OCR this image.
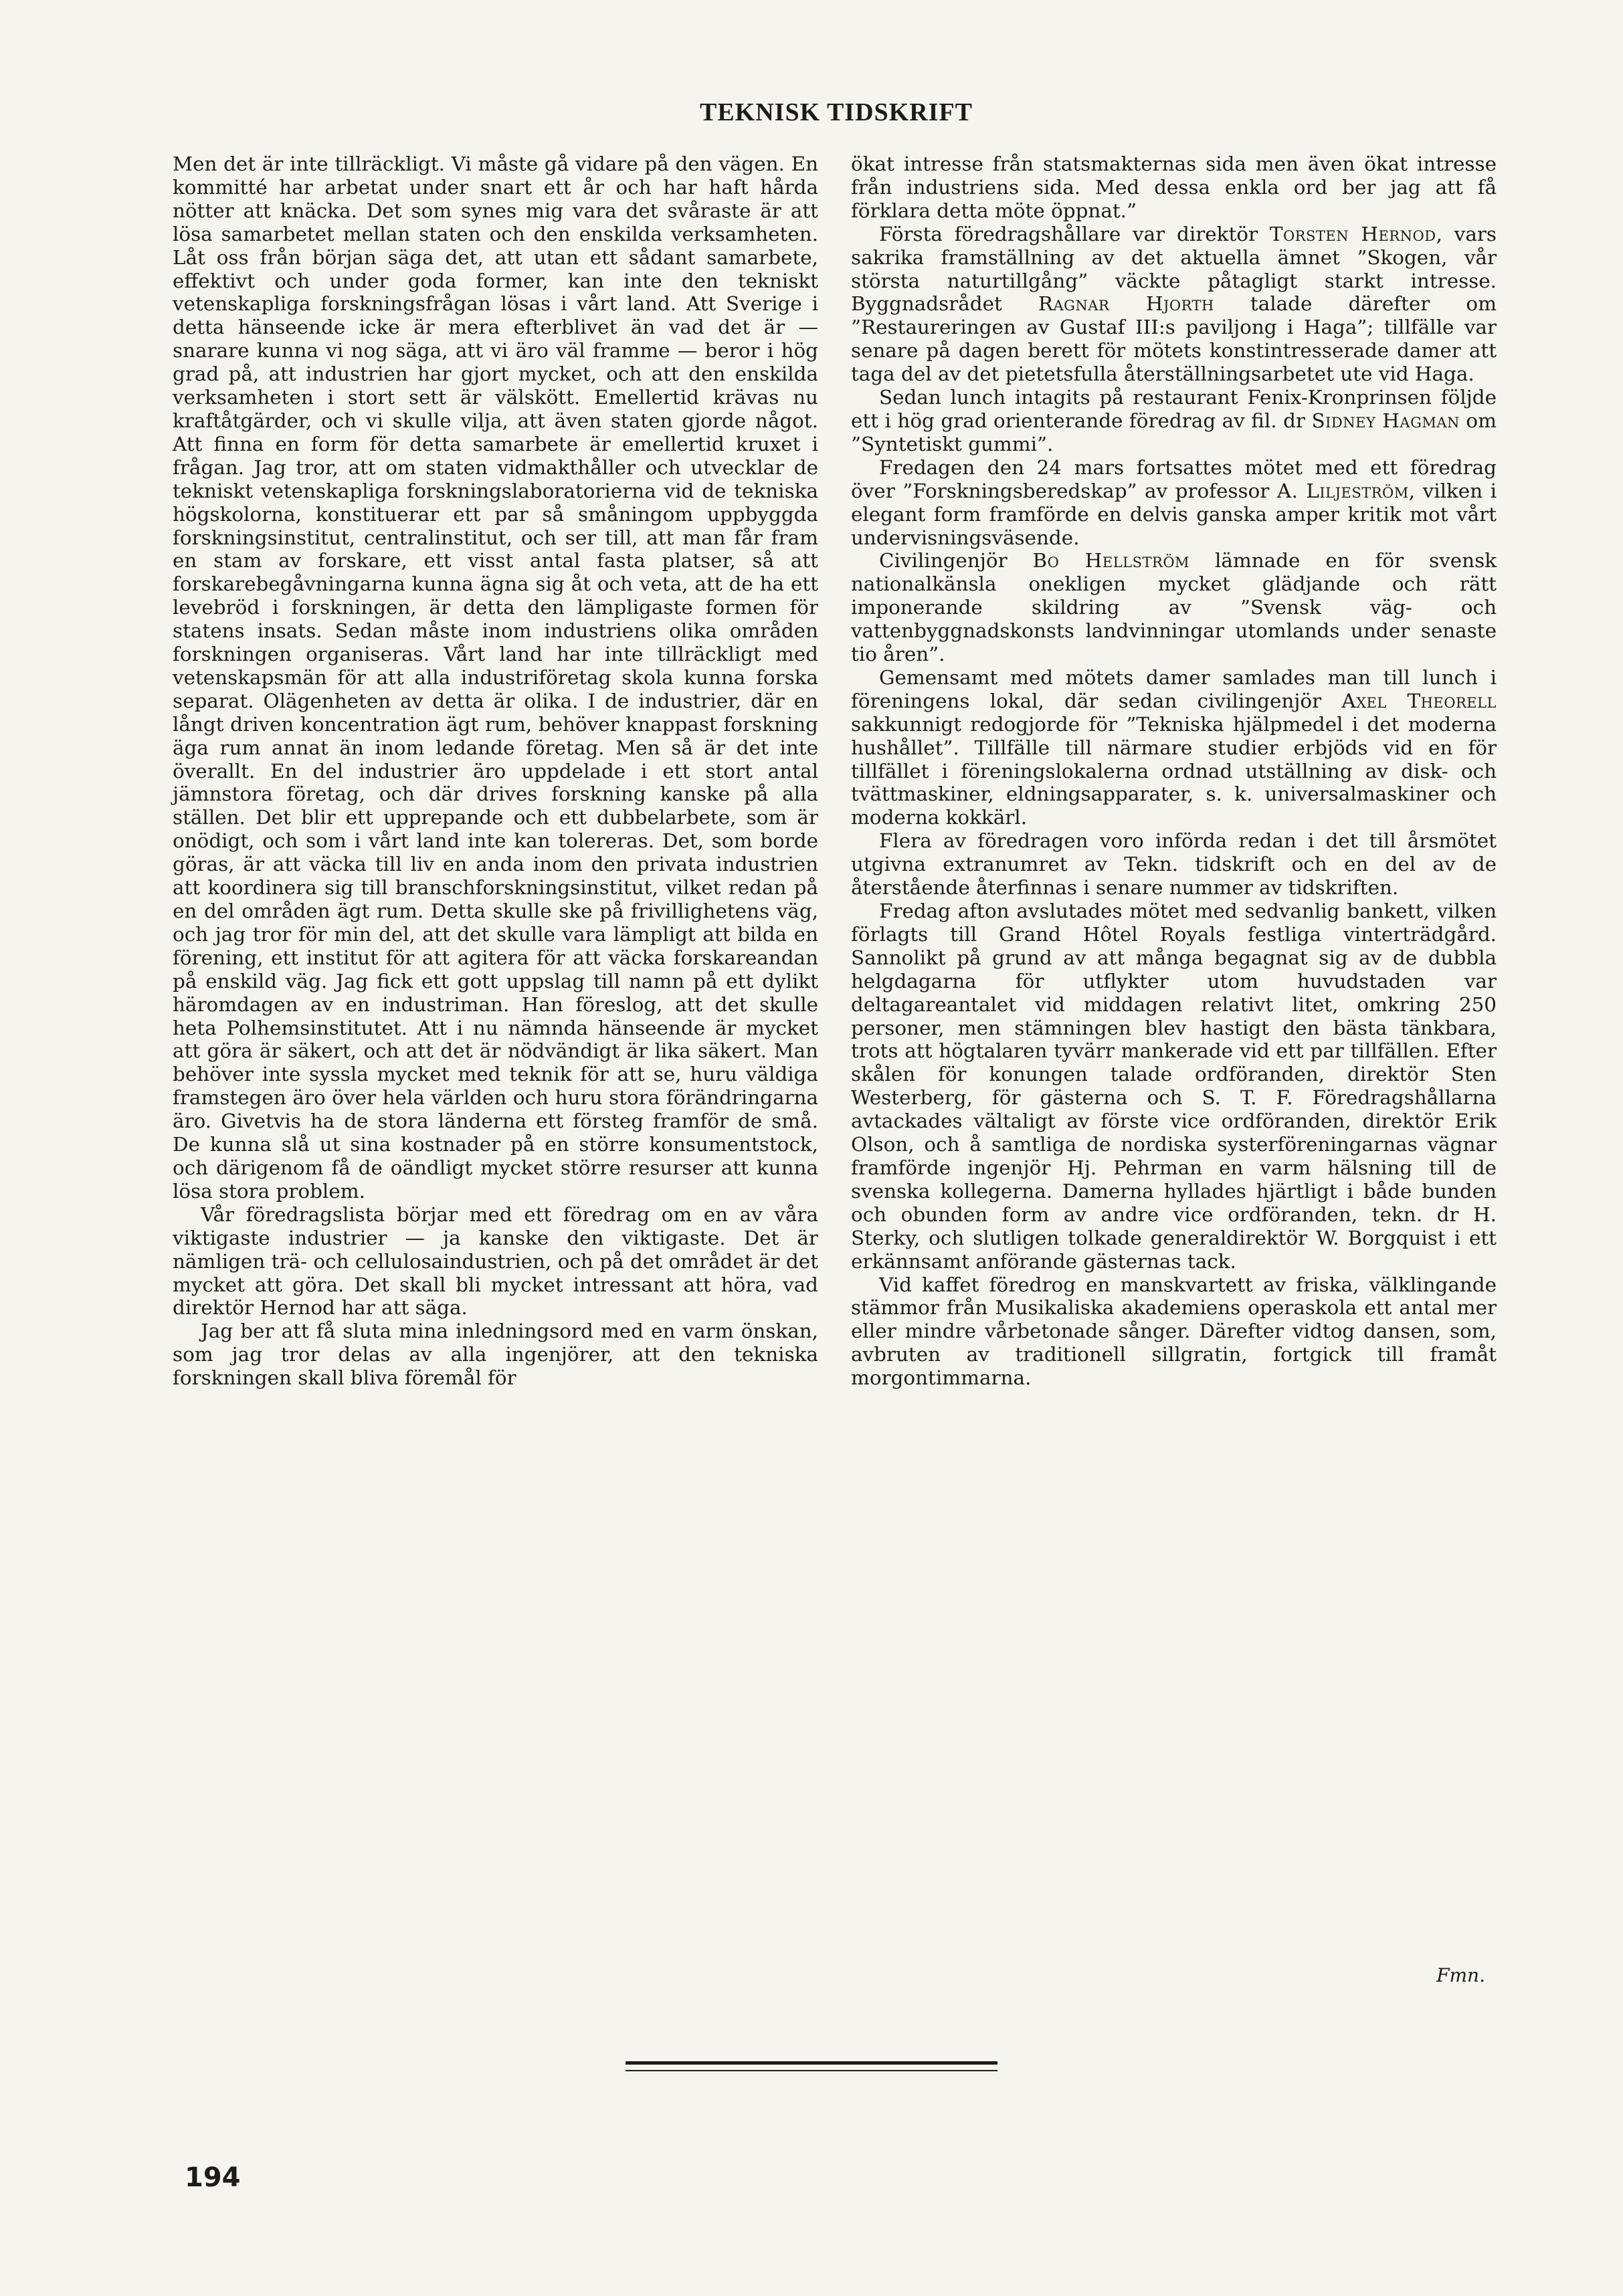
TEKNISK TIDSKRIFT

Men det är inte tillräckligt. Vi måste gå vidare på den vägen. En kommitté har arbetat under snart ett år och har haft hårda nötter att knäcka. Det som synes mig vara det svåraste är att lösa samarbetet mellan staten och den enskilda verksamheten. Låt oss från början säga det, att utan ett sådant samarbete, effektivt och under goda former, kan inte den tekniskt vetenskapliga forskningsfrågan lösas i vårt land. Att Sverige i detta hänseende icke är mera efterblivet än vad det är — snarare kunna vi nog säga, att vi äro väl framme — beror i hög grad på, att industrien har gjort mycket, och att den enskilda verksamheten i stort sett är välskött. Emellertid krävas nu kraftåtgärder, och vi skulle vilja, att även staten gjorde något. Att finna en form för detta samarbete är emellertid kruxet i frågan. Jag tror, att om staten vidmakthåller och utvecklar de tekniskt vetenskapliga forskningslaboratorierna vid de tekniska högskolorna, konstituerar ett par så småningom uppbyggda forskningsinstitut, centralinstitut, och ser till, att man får fram en stam av forskare, ett visst antal fasta platser, så att forskarebegåvningarna kunna ägna sig åt och veta, att de ha ett levebröd i forskningen, är detta den lämpligaste formen för statens insats. Sedan måste inom industriens olika områden forskningen organiseras. Vårt land har inte tillräckligt med vetenskapsmän för att alla industriföretag skola kunna forska separat. Olägenheten av detta är olika. I de industrier, där en långt driven koncentration ägt rum, behöver knappast forskning äga rum annat än inom ledande företag. Men så är det inte överallt. En del industrier äro uppdelade i ett stort antal jämnstora företag, och där drives forskning kanske på alla ställen. Det blir ett upprepande och ett dubbelarbete, som är onödigt, och som i vårt land inte kan tolereras. Det, som borde göras, är att väcka till liv en anda inom den privata industrien att koordinera sig till branschforskningsinstitut, vilket redan på en del områden ägt rum. Detta skulle ske på frivillighetens väg, och jag tror för min del, att det skulle vara lämpligt att bilda en förening, ett institut för att agitera för att väcka forskareandan på enskild väg. Jag fick ett gott uppslag till namn på ett dylikt häromdagen av en industriman. Han föreslog, att det skulle heta Polhemsinstitutet. Att i nu nämnda hänseende är mycket att göra är säkert, och att det är nödvändigt är lika säkert. Man behöver inte syssla mycket med teknik för att se, huru väldiga framstegen äro över hela världen och huru stora förändringarna äro. Givetvis ha de stora länderna ett försteg framför de små. De kunna slå ut sina kostnader på en större konsumentstock, och därigenom få de oändligt mycket större resurser att kunna lösa stora problem.

Vår föredragslista börjar med ett föredrag om en av våra viktigaste industrier — ja kanske den viktigaste. Det är nämligen trä- och cellulosaindustrien, och på det området är det mycket att göra. Det skall bli mycket intressant att höra, vad direktör Hernod har att säga.

Jag ber att få sluta mina inledningsord med en varm önskan, som jag tror delas av alla ingenjörer, att den tekniska forskningen skall bliva föremål för

ökat intresse från statsmakternas sida men även ökat intresse från industriens sida. Med dessa enkla ord ber jag att få förklara detta möte öppnat.”

Första föredragshållare var direktör Torsten Hernod, vars sakrika framställning av det aktuella ämnet ”Skogen, vår största naturtillgång” väckte påtagligt starkt intresse. Byggnadsrådet Ragnar Hjorth talade därefter om ”Restaureringen av Gustaf III:s paviljong i Haga”; tillfälle var senare på dagen berett för mötets konstintresserade damer att taga del av det pietetsfulla återställningsarbetet ute vid Haga.

Sedan lunch intagits på restaurant Fenix-Kronprinsen följde ett i hög grad orienterande föredrag av fil. dr Sidney Hagman om ”Syntetiskt gummi”.

Fredagen den 24 mars fortsattes mötet med ett föredrag över ”Forskningsberedskap” av professor A. Liljeström, vilken i elegant form framförde en delvis ganska amper kritik mot vårt undervisningsväsende.

Civilingenjör Bo Hellström lämnade en för svensk nationalkänsla onekligen mycket glädjande och rätt imponerande skildring av ”Svensk väg- och vattenbyggnadskonsts landvinningar utomlands under senaste tio åren”.

Gemensamt med mötets damer samlades man till lunch i föreningens lokal, där sedan civilingenjör Axel Theorell sakkunnigt redogjorde för ”Tekniska hjälpmedel i det moderna hushållet”. Tillfälle till närmare studier erbjöds vid en för tillfället i föreningslokalerna ordnad utställning av disk- och tvättmaskiner, eldningsapparater, s. k. universalmaskiner och moderna kokkärl.

Flera av föredragen voro införda redan i det till årsmötet utgivna extranumret av Tekn. tidskrift och en del av de återstående återfinnas i senare nummer av tidskriften.

Fredag afton avslutades mötet med sedvanlig bankett, vilken förlagts till Grand Hôtel Royals festliga vinterträdgård. Sannolikt på grund av att många begagnat sig av de dubbla helgdagarna för utflykter utom huvudstaden var deltagareantalet vid middagen relativt litet, omkring 250 personer, men stämningen blev hastigt den bästa tänkbara, trots att högtalaren tyvärr mankerade vid ett par tillfällen. Efter skålen för konungen talade ordföranden, direktör Sten Westerberg, för gästerna och S. T. F. Föredragshållarna avtackades vältaligt av förste vice ordföranden, direktör Erik Olson, och å samtliga de nordiska systerföreningarnas vägnar framförde ingenjör Hj. Pehrman en varm hälsning till de svenska kollegerna. Damerna hyllades hjärtligt i både bunden och obunden form av andre vice ordföranden, tekn. dr H. Sterky, och slutligen tolkade generaldirektör W. Borgquist i ett erkännsamt anförande gästernas tack.

Vid kaffet föredrog en manskvartett av friska, välklingande stämmor från Musikaliska akademiens operaskola ett antal mer eller mindre vårbetonade sånger. Därefter vidtog dansen, som, avbruten av traditionell sillgratin, fortgick till framåt morgontimmarna.

Fmn.

194
